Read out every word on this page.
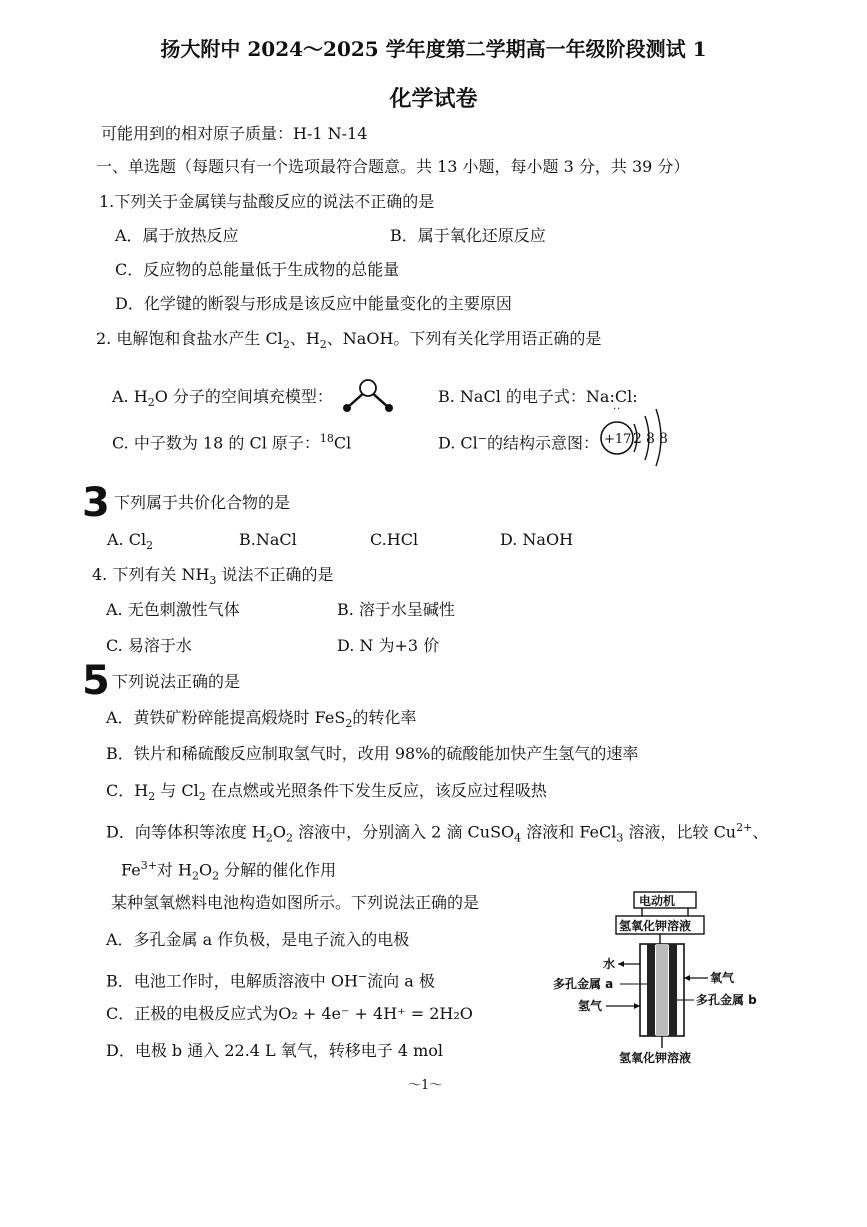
扬大附中 2024～2025 学年度第二学期高一年级阶段测试 1
化学试卷
可能用到的相对原子质量：H-1 N-14
一、单选题（每题只有一个选项最符合题意。共 13 小题，每小题 3 分，共 39 分）
1.下列关于金属镁与盐酸反应的说法不正确的是
A．属于放热反应	B．属于氧化还原反应
C．反应物的总能量低于生成物的总能量
D．化学键的断裂与形成是该反应中能量变化的主要原因
2. 电解饱和食盐水产生 $Cl_2$、$H_2$、NaOH。下列有关化学用语正确的是
A. $H_2O$ 分子的空间填充模型：	B. NaCl 的电子式：Na:Cl:
··
C. 中子数为 18 的 Cl 原子：$^{18}$Cl	D. Cl−的结构示意图： +17 2 8 8
3 下列属于共价化合物的是
A. $Cl_2$	B.NaCl	C.HCl	D. NaOH
4. 下列有关 $NH_3$ 说法不正确的是
A. 无色刺激性气体	B. 溶于水呈碱性
C. 易溶于水	D. N 为+3 价
5 下列说法正确的是
A．黄铁矿粉碎能提高煅烧时 FeS$_2$的转化率
B．铁片和稀硫酸反应制取氢气时，改用 98%的硫酸能加快产生氢气的速率
C．$H_2$ 与 $Cl_2$ 在点燃或光照条件下发生反应，该反应过程吸热
D．向等体积等浓度 $H_2O_2$ 溶液中，分别滴入 2 滴 CuSO$_4$ 溶液和 FeCl$_3$ 溶液，比较 $Cu^{2+}$、
$Fe^{3+}$对 $H_2O_2$ 分解的催化作用
某种氢氧燃料电池构造如图所示。下列说法正确的是
A．多孔金属 a 作负极，是电子流入的电极
B．电池工作时，电解质溶液中 OH−流向 a 极
C．正极的电极反应式为O₂ + 4e⁻ + 4H⁺ = 2H₂O
D．电极 b 通入 22.4 L 氧气，转移电子 4 mol
电动机
氢氧化钾溶液
水
多孔金属 a
氢气
氧气
多孔金属 b
氢氧化钾溶液
～1～
